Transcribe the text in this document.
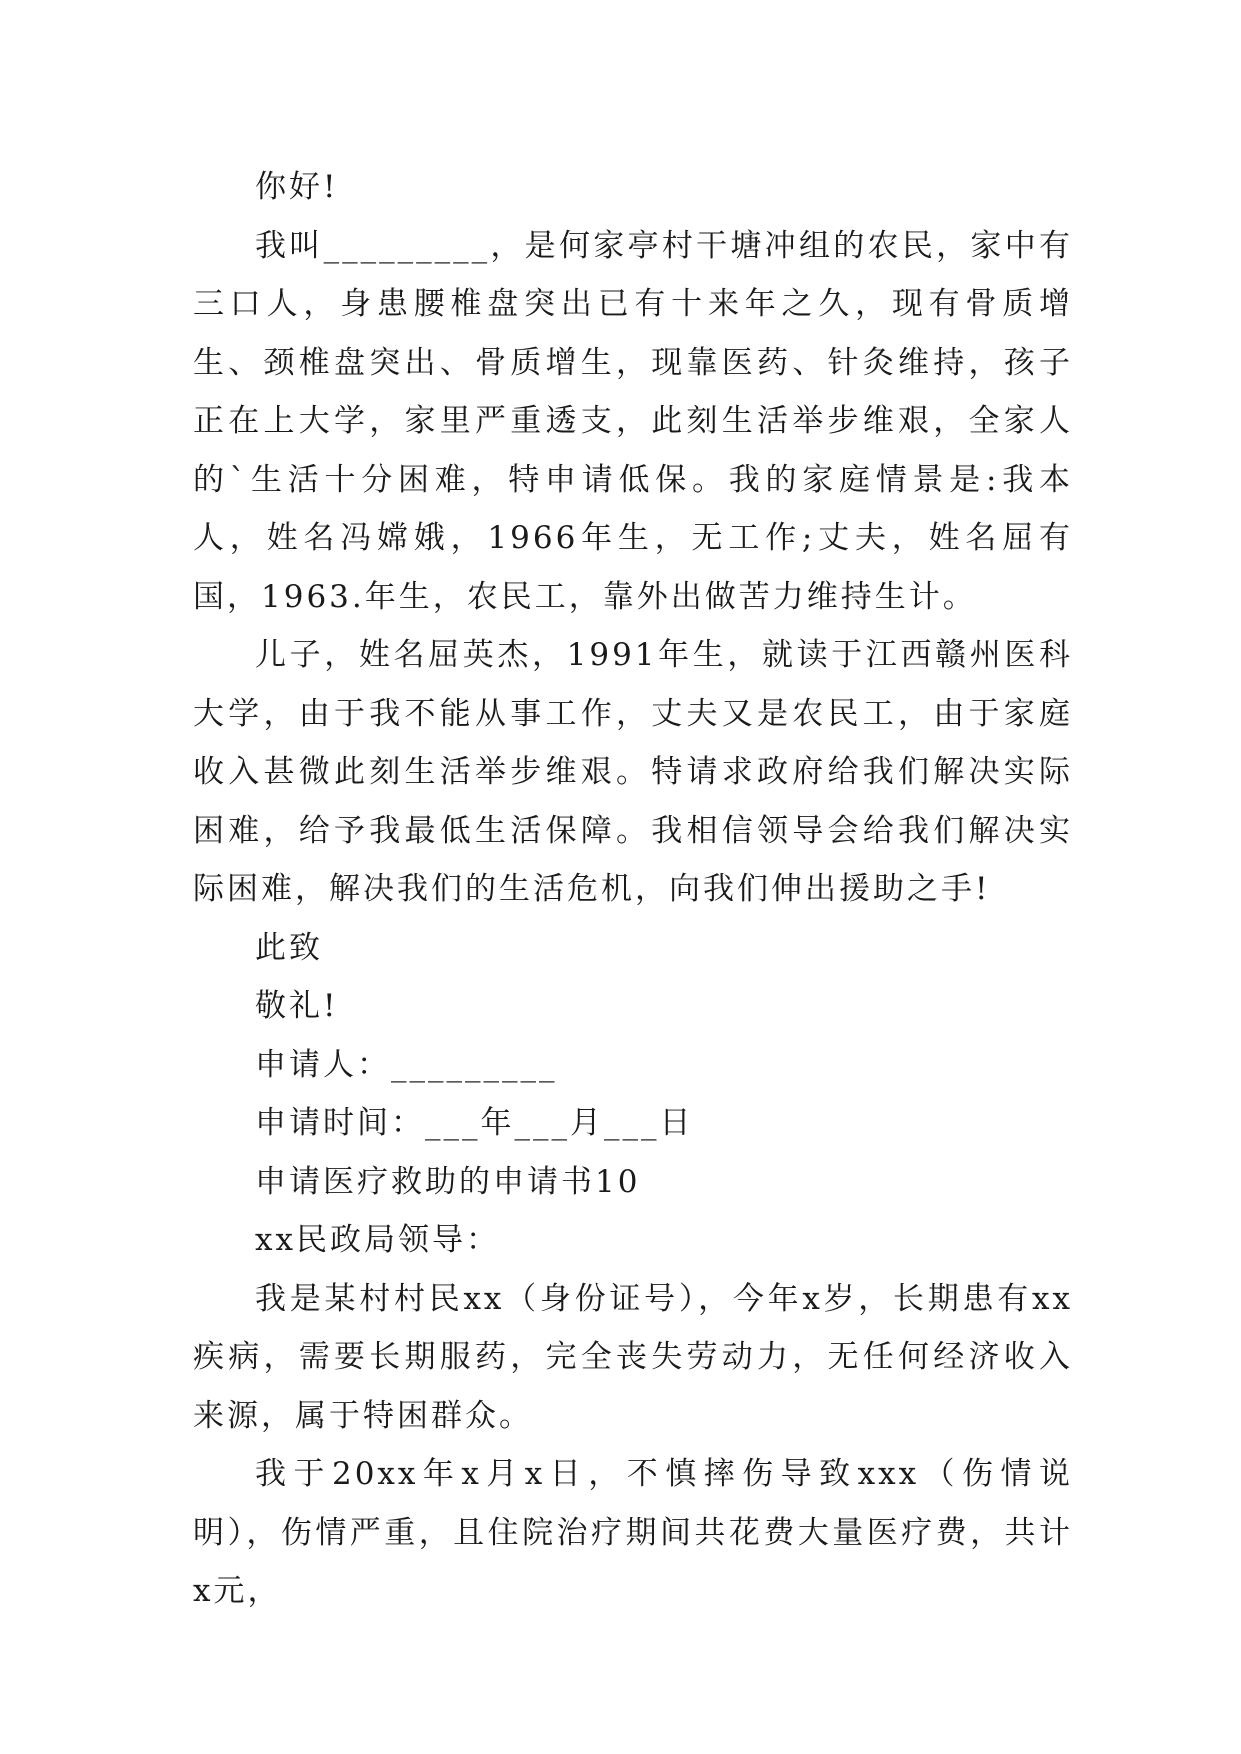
你好!

我叫_________，是何家亭村干塘冲组的农民，家中有三口人，身患腰椎盘突出已有十来年之久，现有骨质增生、颈椎盘突出、骨质增生，现靠医药、针灸维持，孩子正在上大学，家里严重透支，此刻生活举步维艰，全家人的`生活十分困难，特申请低保。我的家庭情景是:我本人，姓名冯嫦娥，1966年生，无工作;丈夫，姓名屈有国，1963.年生，农民工，靠外出做苦力维持生计。

儿子，姓名屈英杰，1991年生，就读于江西赣州医科大学，由于我不能从事工作，丈夫又是农民工，由于家庭收入甚微此刻生活举步维艰。特请求政府给我们解决实际困难，给予我最低生活保障。我相信领导会给我们解决实际困难，解决我们的生活危机，向我们伸出援助之手!

此致

敬礼!

申请人：_________

申请时间：___年___月___日

申请医疗救助的申请书10

xx民政局领导：

我是某村村民xx（身份证号），今年x岁，长期患有xx疾病，需要长期服药，完全丧失劳动力，无任何经济收入来源，属于特困群众。

我于20xx年x月x日，不慎摔伤导致xxx（伤情说明），伤情严重，且住院治疗期间共花费大量医疗费，共计x元，
